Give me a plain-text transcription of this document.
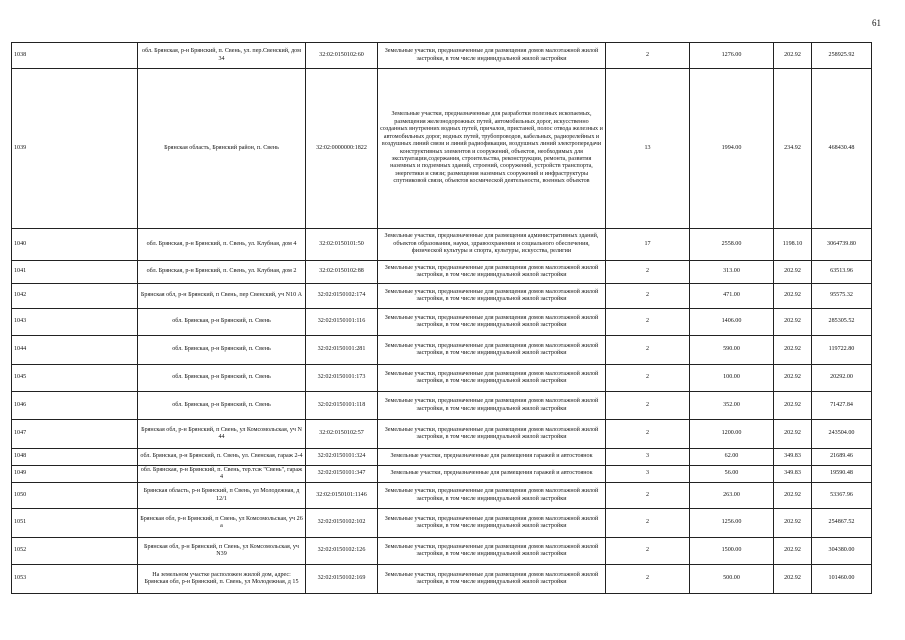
61
1038	обл. Брянская, р-н Брянский, п. Свень, ул. пер.Свенский, дом 34	32:02:0150102:60	Земельные участки, предназначенные для размещения домов малоэтажной жилой застройки, в том числе индивидуальной жилой застройки	2	1276.00	202.92	258925.92
1039	Брянская область, Брянский район, п. Свень	32:02:0000000:1822	Земельные участки, предназначенные для разработки полезных ископаемых, размещения железнодорожных путей, автомобильных дорог, искусственно созданных внутренних водных путей, причалов, пристаней, полос отвода железных и автомобильных дорог, водных путей, трубопроводов, кабельных, радиорелейных и воздушных линий связи и линий радиофикации, воздушных линий электропередачи конструктивных элементов и сооружений, объектов, необходимых для эксплуатации,содержания, строительства, реконструкции, ремонта, развития наземных и подземных зданий, строений, сооружений, устройств транспорта, энергетики и связи; размещения наземных сооружений и инфраструктуры спутниковой связи, объектов космической деятельности, военных объектов	13	1994.00	234.92	468430.48
1040	обл. Брянская, р-н Брянский, п. Свень, ул. Клубная, дом 4	32:02:0150101:50	Земельные участки, предназначенные для размещения административных зданий, объектов образования, науки, здравоохранения и социального обеспечения, физической культуры и спорта, культуры, искусства, религии	17	2558.00	1198.10	3064739.80
1041	обл. Брянская, р-н Брянский, п. Свень, ул. Клубная, дом 2	32:02:0150102:88	Земельные участки, предназначенные для размещения домов малоэтажной жилой застройки, в том числе индивидуальной жилой застройки	2	313.00	202.92	63513.96
1042	Брянская обл, р-н Брянский, п Свень, пер Свенский, уч N10 А	32:02:0150102:174	Земельные участки, предназначенные для размещения домов малоэтажной жилой застройки, в том числе индивидуальной жилой застройки	2	471.00	202.92	95575.32
1043	обл. Брянская, р-н Брянский, п. Свень	32:02:0150101:116	Земельные участки, предназначенные для размещения домов малоэтажной жилой застройки, в том числе индивидуальной жилой застройки	2	1406.00	202.92	285305.52
1044	обл. Брянская, р-н Брянский, п. Свень	32:02:0150101:281	Земельные участки, предназначенные для размещения домов малоэтажной жилой застройки, в том числе индивидуальной жилой застройки	2	590.00	202.92	119722.80
1045	обл. Брянская, р-н Брянский, п. Свень	32:02:0150101:173	Земельные участки, предназначенные для размещения домов малоэтажной жилой застройки, в том числе индивидуальной жилой застройки	2	100.00	202.92	20292.00
1046	обл. Брянская, р-н Брянский, п. Свень	32:02:0150101:118	Земельные участки, предназначенные для размещения домов малоэтажной жилой застройки, в том числе индивидуальной жилой застройки	2	352.00	202.92	71427.84
1047	Брянская обл, р-н Брянский, п Свень, ул Комсомольская, уч N 44	32:02:0150102:57	Земельные участки, предназначенные для размещения домов малоэтажной жилой застройки, в том числе индивидуальной жилой застройки	2	1200.00	202.92	243504.00
1048	обл. Брянская, р-н Брянский, п. Свень, ул. Свенская, гараж 2-4	32:02:0150101:324	Земельные участки, предназначенные для размещения гаражей и автостоянок	3	62.00	349.83	21689.46
1049	обл. Брянская, р-н Брянский, п. Свень, тер.тсж "Свень", гараж 4	32:02:0150101:347	Земельные участки, предназначенные для размещения гаражей и автостоянок	3	56.00	349.83	19590.48
1050	Брянская область, р-н Брянский, п Свень, ул Молодежная, д 12/1	32:02:0150101:1146	Земельные участки, предназначенные для размещения домов малоэтажной жилой застройки, в том числе индивидуальной жилой застройки	2	263.00	202.92	53367.96
1051	Брянская обл, р-н Брянский, п Свень, ул Комсомольская, уч 26 а	32:02:0150102:102	Земельные участки, предназначенные для размещения домов малоэтажной жилой застройки, в том числе индивидуальной жилой застройки	2	1256.00	202.92	254867.52
1052	Брянская обл, р-н Брянский, п Свень, ул Комсомольская, уч N39	32:02:0150102:126	Земельные участки, предназначенные для размещения домов малоэтажной жилой застройки, в том числе индивидуальной жилой застройки	2	1500.00	202.92	304380.00
1053	На земельном участке расположен жилой дом, адрес: Брянская обл, р-н Брянский, п. Свень, ул Молодежная, д 15	32:02:0150102:169	Земельные участки, предназначенные для размещения домов малоэтажной жилой застройки, в том числе индивидуальной жилой застройки	2	500.00	202.92	101460.00
